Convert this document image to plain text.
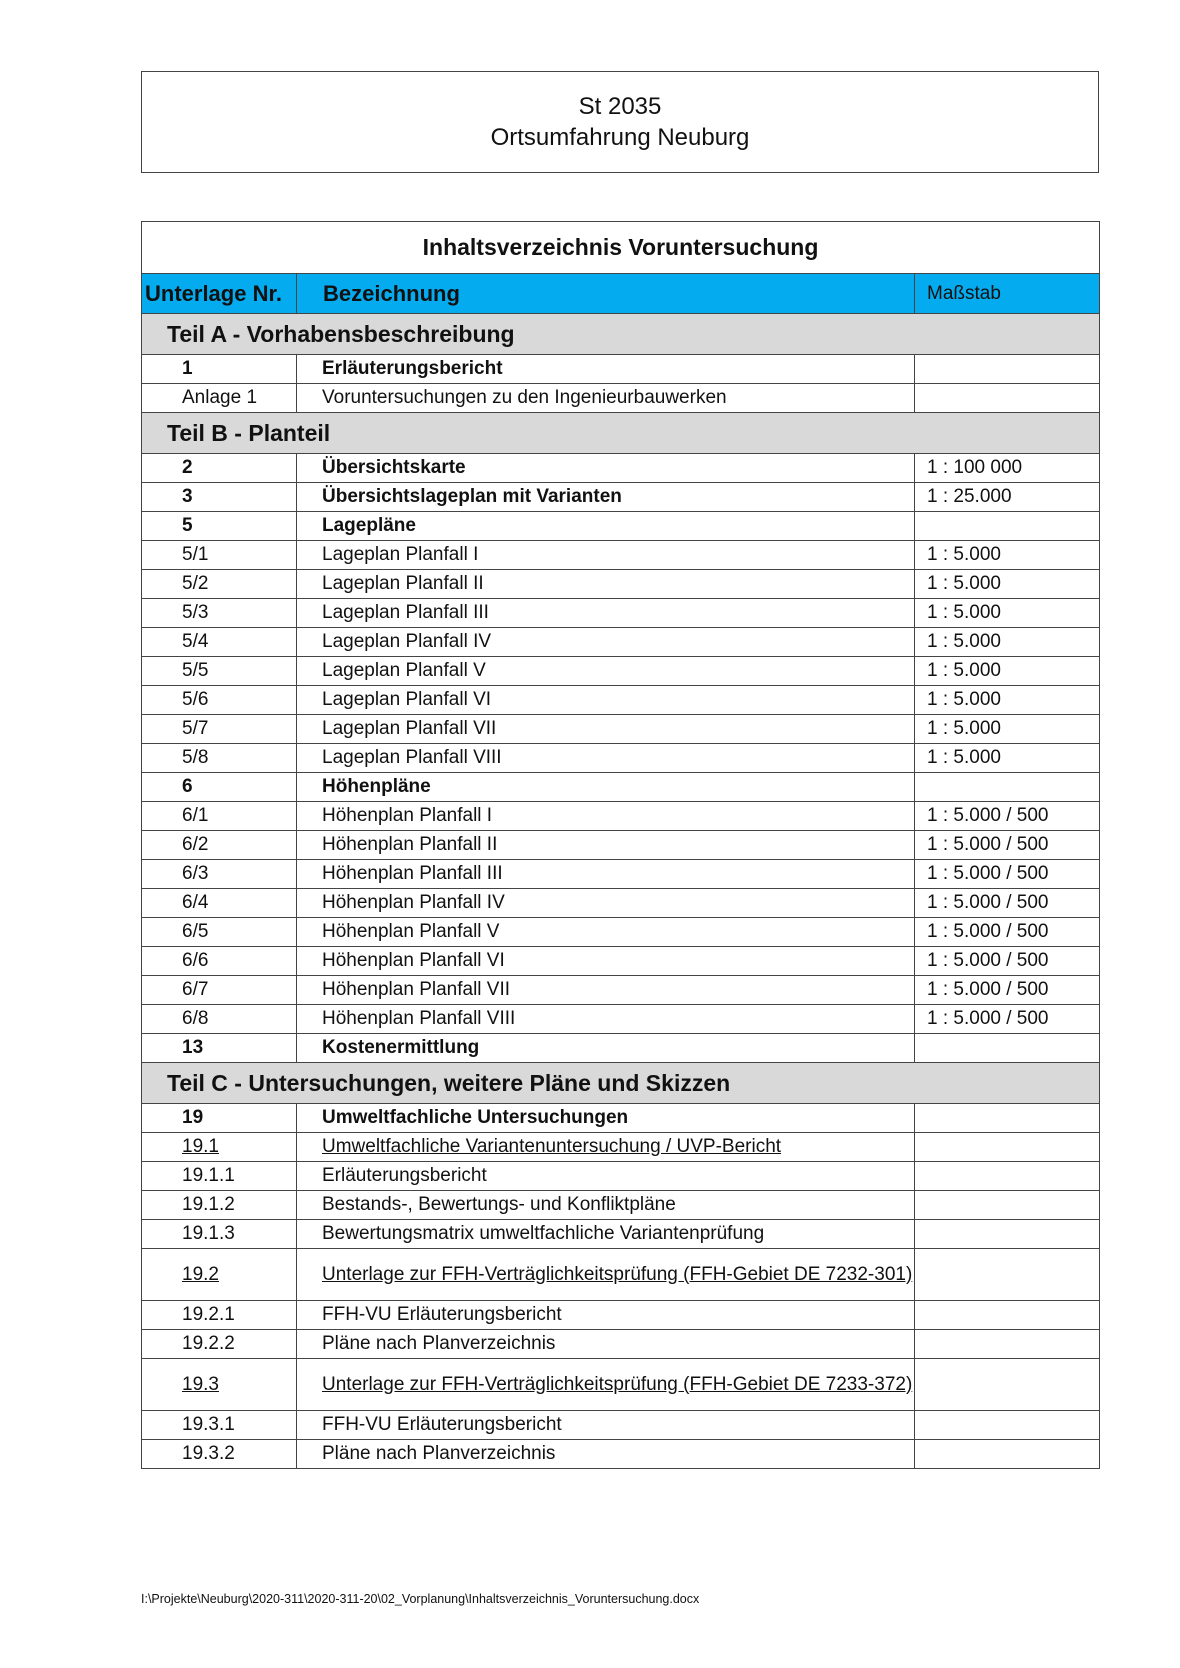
St 2035
Ortsumfahrung Neuburg
Inhaltsverzeichnis Voruntersuchung		
Unterlage Nr.	Bezeichnung	Maßstab
Teil A - Vorhabensbeschreibung		
1	Erläuterungsbericht	
Anlage 1	Voruntersuchungen zu den Ingenieurbauwerken	
Teil B - Planteil		
2	Übersichtskarte	1 : 100 000
3	Übersichtslageplan mit Varianten	1 : 25.000
5	Lagepläne	
5/1	Lageplan Planfall I	1 : 5.000
5/2	Lageplan Planfall II	1 : 5.000
5/3	Lageplan Planfall III	1 : 5.000
5/4	Lageplan Planfall IV	1 : 5.000
5/5	Lageplan Planfall V	1 : 5.000
5/6	Lageplan Planfall VI	1 : 5.000
5/7	Lageplan Planfall VII	1 : 5.000
5/8	Lageplan Planfall VIII	1 : 5.000
6	Höhenpläne	
6/1	Höhenplan Planfall I	1 : 5.000 / 500
6/2	Höhenplan Planfall II	1 : 5.000 / 500
6/3	Höhenplan Planfall III	1 : 5.000 / 500
6/4	Höhenplan Planfall IV	1 : 5.000 / 500
6/5	Höhenplan Planfall V	1 : 5.000 / 500
6/6	Höhenplan Planfall VI	1 : 5.000 / 500
6/7	Höhenplan Planfall VII	1 : 5.000 / 500
6/8	Höhenplan Planfall VIII	1 : 5.000 / 500
13	Kostenermittlung	
Teil C - Untersuchungen, weitere Pläne und Skizzen		
19	Umweltfachliche Untersuchungen	
19.1	Umweltfachliche Variantenuntersuchung / UVP-Bericht	
19.1.1	Erläuterungsbericht	
19.1.2	Bestands-, Bewertungs- und Konfliktpläne	
19.1.3	Bewertungsmatrix umweltfachliche Variantenprüfung	
19.2	Unterlage zur FFH-Verträglichkeitsprüfung (FFH-Gebiet DE 7232-301)	
19.2.1	FFH-VU Erläuterungsbericht	
19.2.2	Pläne nach Planverzeichnis	
19.3	Unterlage zur FFH-Verträglichkeitsprüfung (FFH-Gebiet DE 7233-372)	
19.3.1	FFH-VU Erläuterungsbericht	
19.3.2	Pläne nach Planverzeichnis	
I:\Projekte\Neuburg\2020-311\2020-311-20\02_Vorplanung\Inhaltsverzeichnis_Voruntersuchung.docx
